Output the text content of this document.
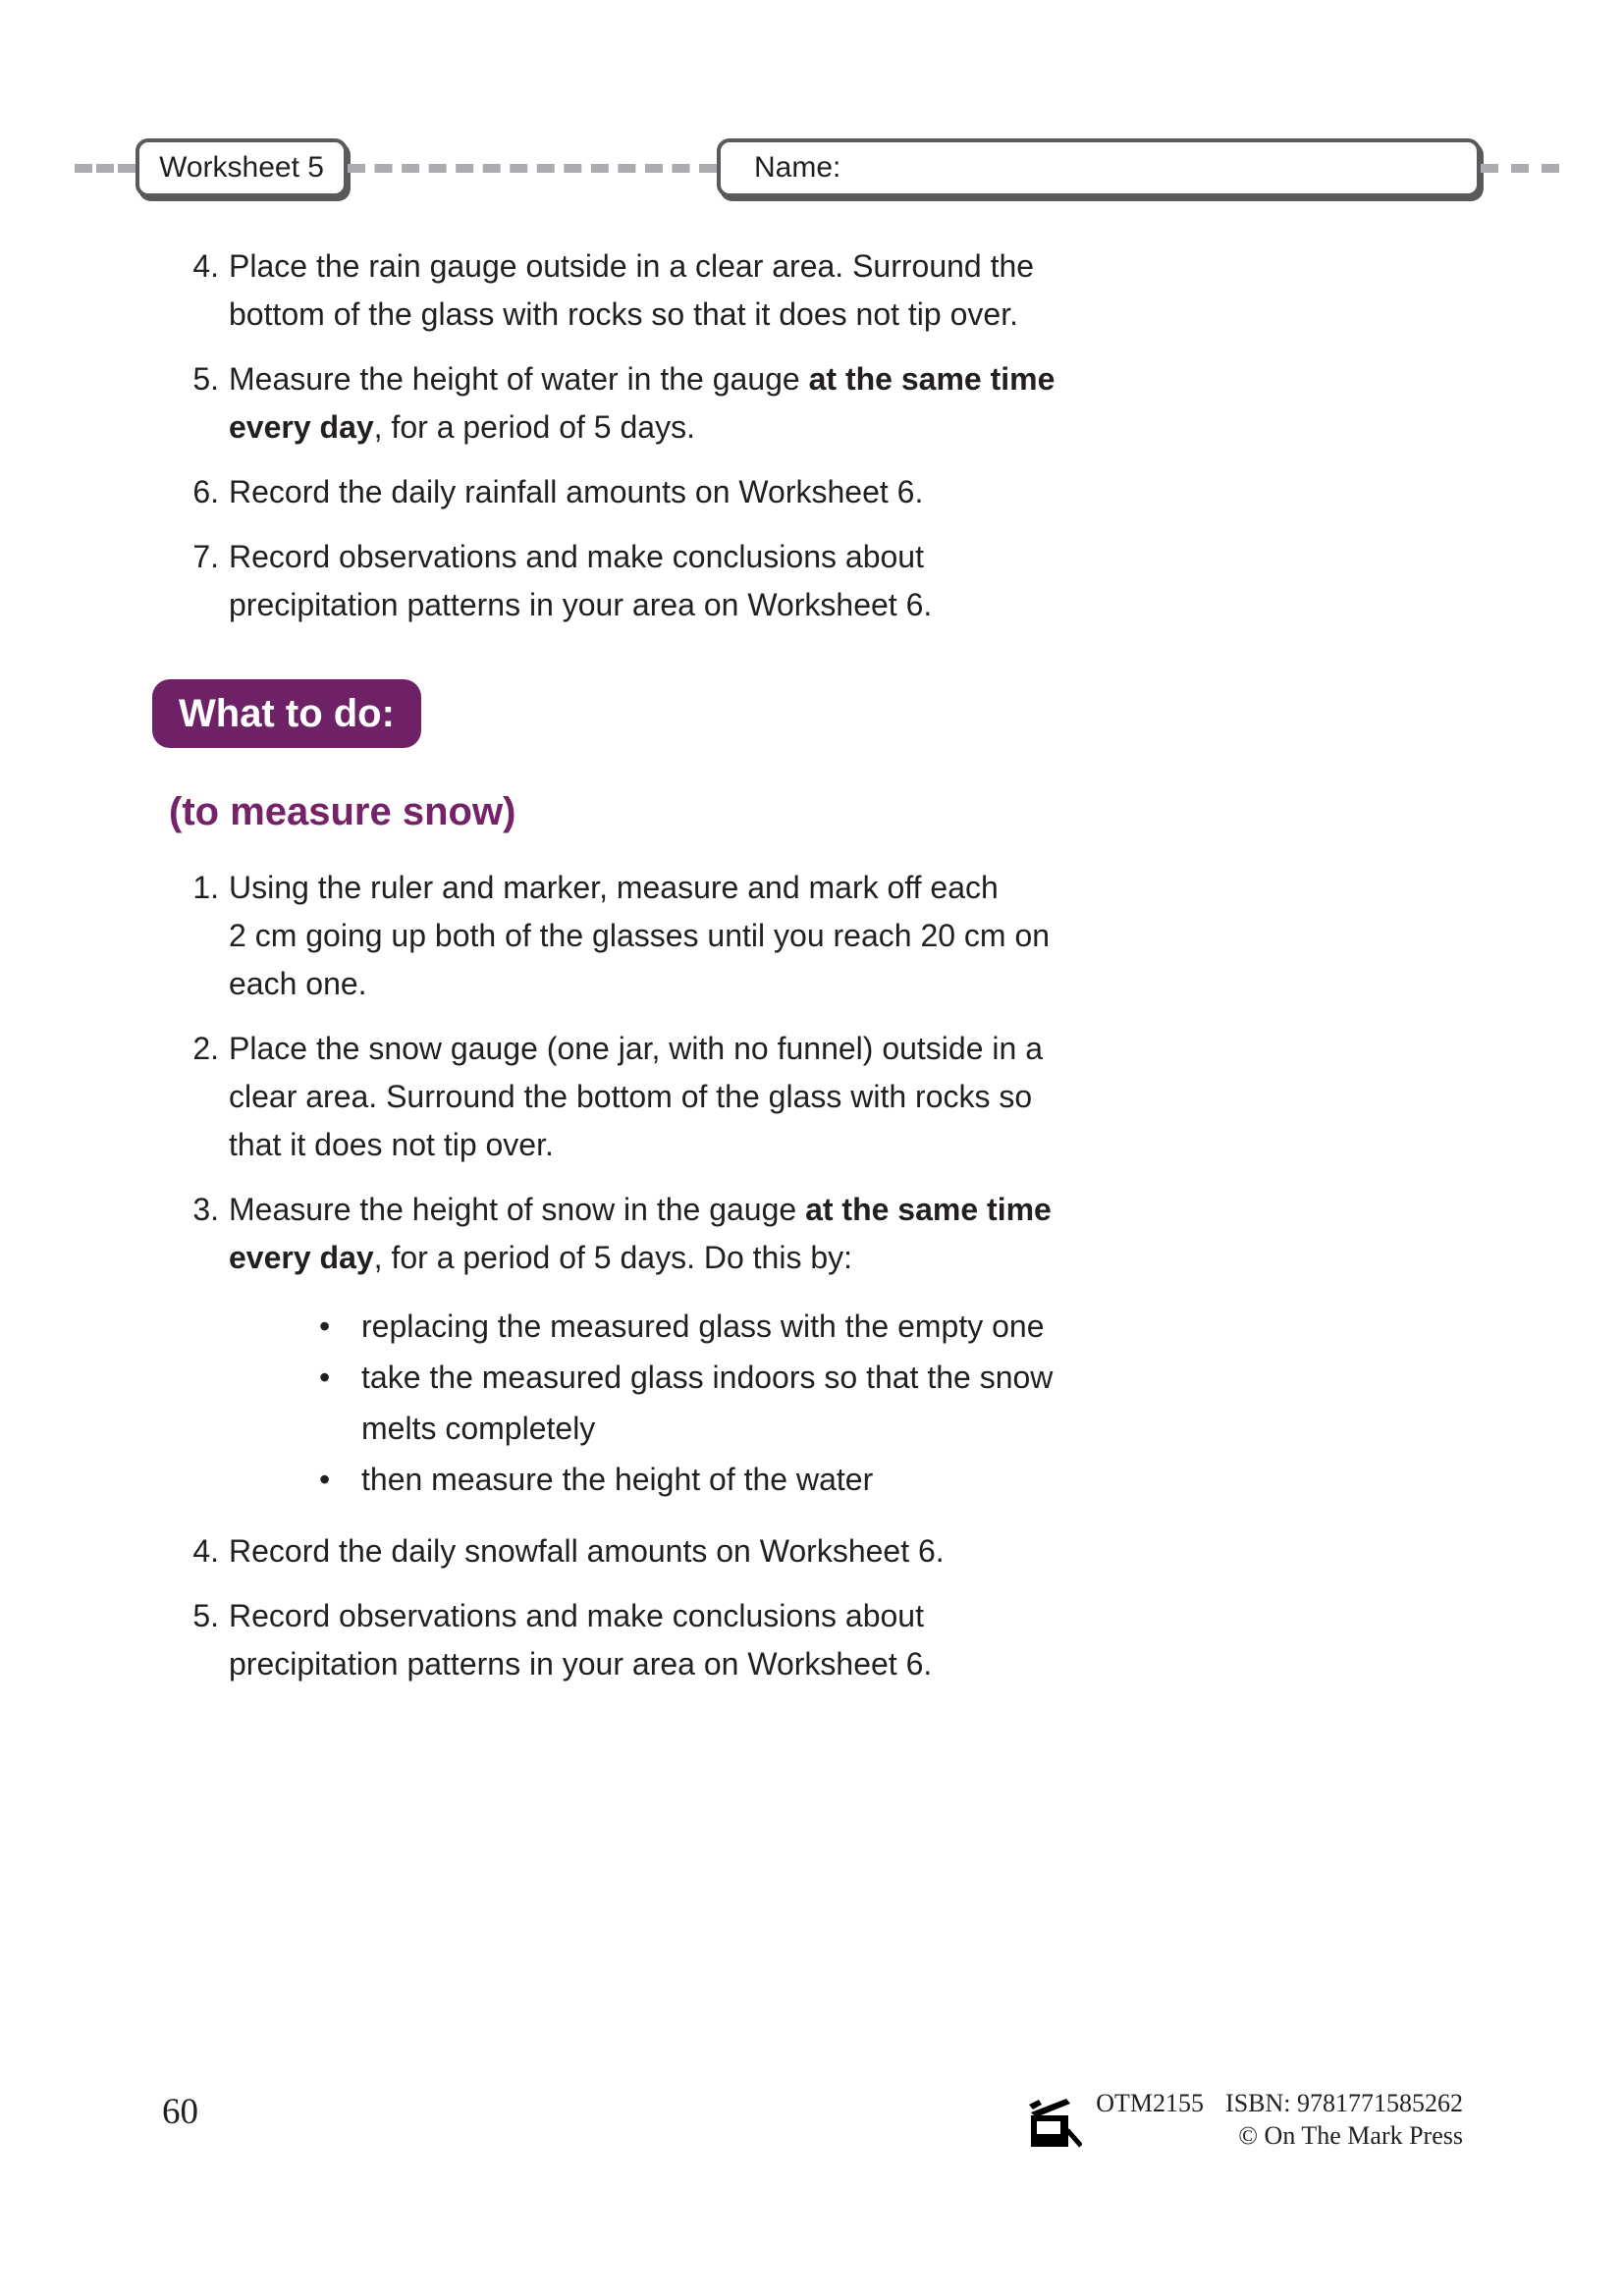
Worksheet 5	Name:
4. Place the rain gauge outside in a clear area. Surround the
bottom of the glass with rocks so that it does not tip over.
5. Measure the height of water in the gauge at the same time
every day, for a period of 5 days.
6. Record the daily rainfall amounts on Worksheet 6.
7. Record observations and make conclusions about
precipitation patterns in your area on Worksheet 6.
What to do:
(to measure snow)
1. Using the ruler and marker, measure and mark off each
2 cm going up both of the glasses until you reach 20 cm on
each one.
2. Place the snow gauge (one jar, with no funnel) outside in a
clear area. Surround the bottom of the glass with rocks so
that it does not tip over.
3. Measure the height of snow in the gauge at the same time
every day, for a period of 5 days. Do this by:
• replacing the measured glass with the empty one
• take the measured glass indoors so that the snow
melts completely
• then measure the height of the water
4. Record the daily snowfall amounts on Worksheet 6.
5. Record observations and make conclusions about
precipitation patterns in your area on Worksheet 6.
60	OTM2155 ISBN: 9781771585262
© On The Mark Press
